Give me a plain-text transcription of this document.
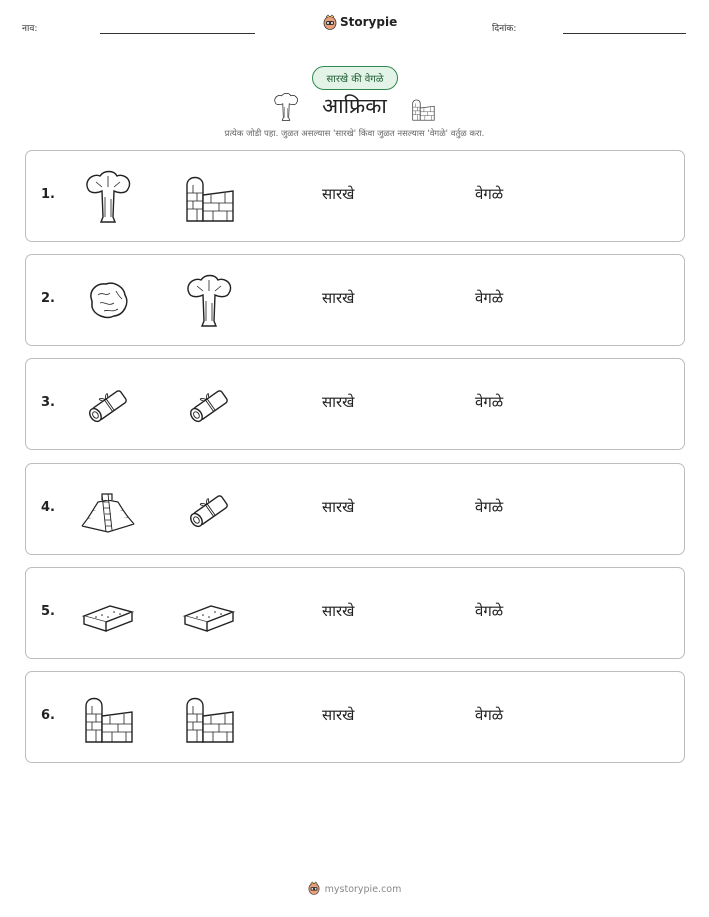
नाव:	Storypie	दिनांक:
सारखे की वेगळे
आफ्रिका
प्रत्येक जोडी पहा. जुळत असल्यास 'सारखे' किंवा जुळत नसल्यास 'वेगळे' वर्तुळ करा.
1.	सारखे	वेगळे
2.	सारखे	वेगळे
3.	सारखे	वेगळे
4.	सारखे	वेगळे
5.	सारखे	वेगळे
6.	सारखे	वेगळे
mystorypie.com
